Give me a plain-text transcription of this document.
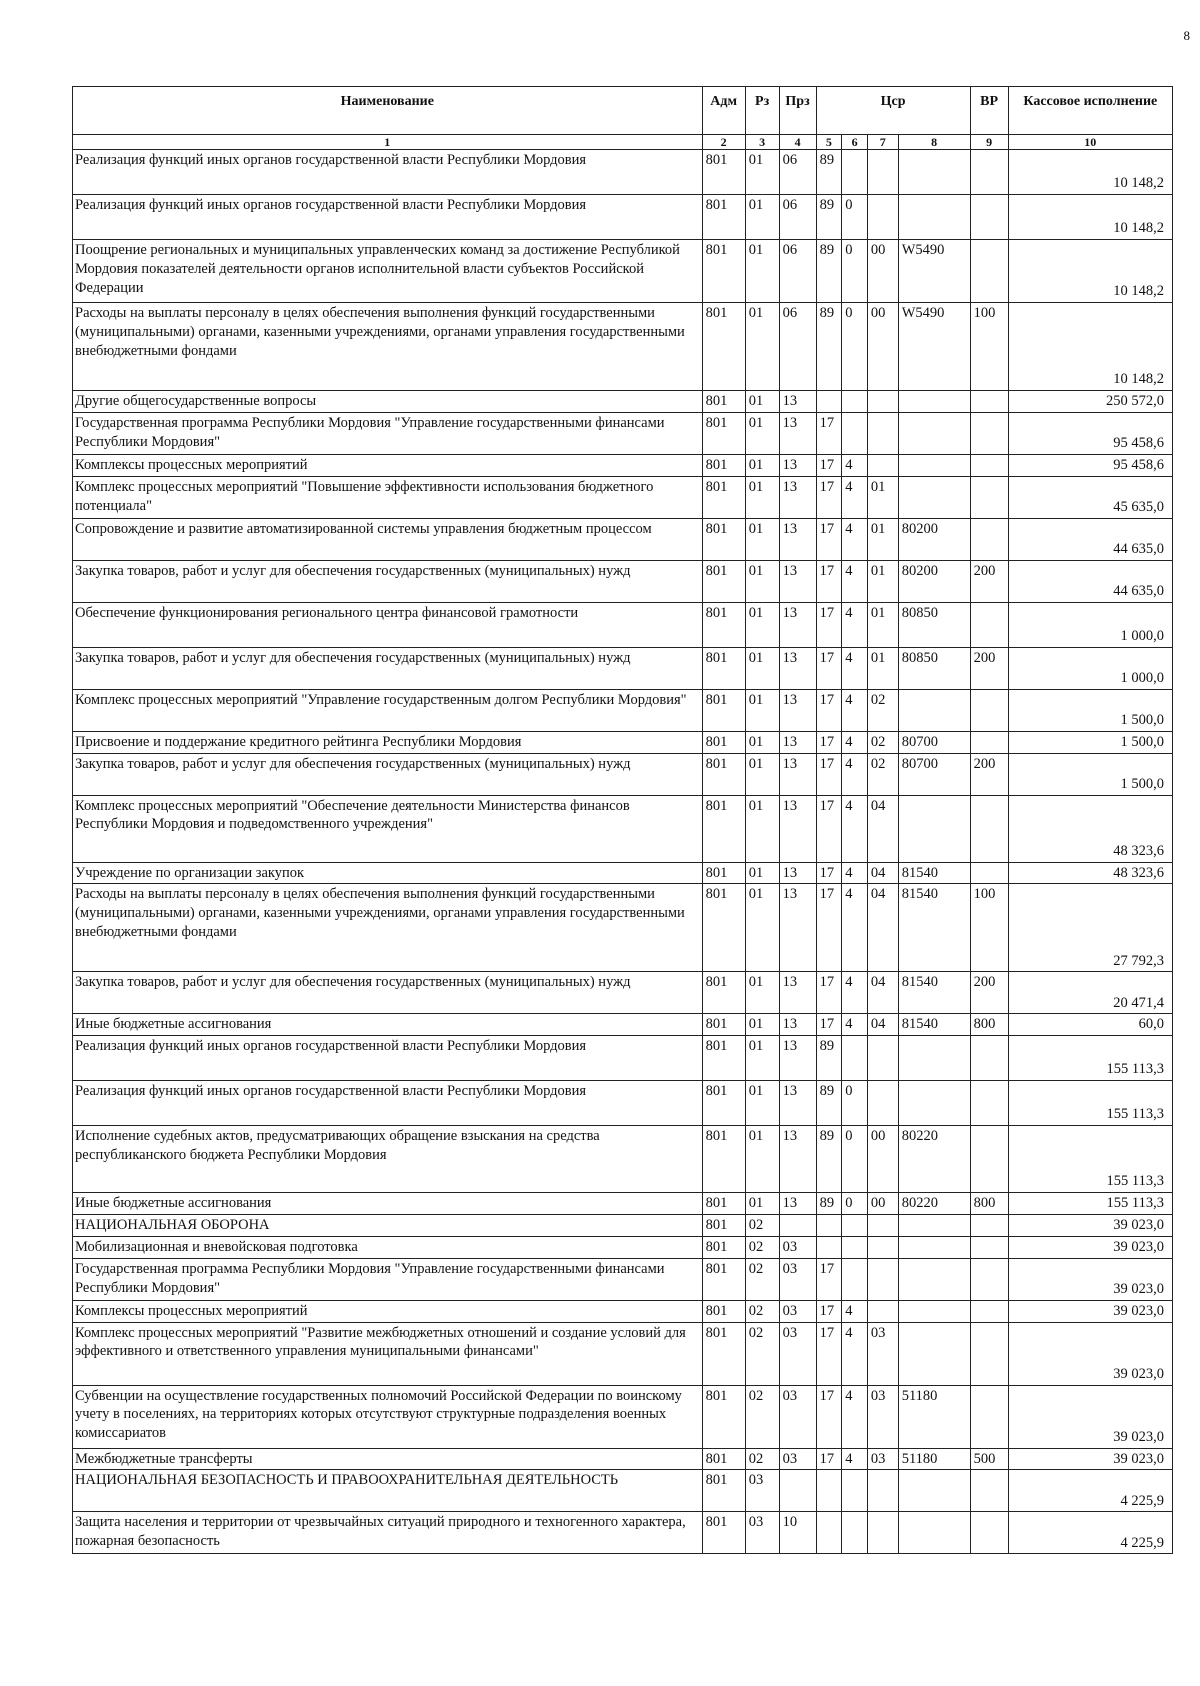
8
Наименование	Адм	Рз	Прз	Цср				ВР	Кассовое исполнение
1	2	3	4	5	6	7	8	9	10
Реализация функций иных органов государственной власти Республики Мордовия	801	01	06	89					10 148,2
Реализация функций иных органов государственной власти Республики Мордовия	801	01	06	89	0				10 148,2
Поощрение региональных и муниципальных управленческих команд за достижение Республикой Мордовия показателей деятельности органов исполнительной власти субъектов Российской Федерации	801	01	06	89	0	00	W5490		10 148,2
Расходы на выплаты персоналу в целях обеспечения выполнения функций государственными (муниципальными) органами, казенными учреждениями, органами управления государственными внебюджетными фондами	801	01	06	89	0	00	W5490	100	10 148,2
Другие общегосударственные вопросы	801	01	13						250 572,0
Государственная программа Республики Мордовия "Управление государственными финансами Республики Мордовия"	801	01	13	17					95 458,6
Комплексы процессных мероприятий	801	01	13	17	4				95 458,6
Комплекс процессных мероприятий "Повышение эффективности использования бюджетного потенциала"	801	01	13	17	4	01			45 635,0
Сопровождение и развитие автоматизированной системы управления бюджетным процессом	801	01	13	17	4	01	80200		44 635,0
Закупка товаров, работ и услуг для обеспечения государственных (муниципальных) нужд	801	01	13	17	4	01	80200	200	44 635,0
Обеспечение функционирования регионального центра финансовой грамотности	801	01	13	17	4	01	80850		1 000,0
Закупка товаров, работ и услуг для обеспечения государственных (муниципальных) нужд	801	01	13	17	4	01	80850	200	1 000,0
Комплекс процессных мероприятий "Управление государственным долгом Республики Мордовия"	801	01	13	17	4	02			1 500,0
Присвоение и поддержание кредитного рейтинга Республики Мордовия	801	01	13	17	4	02	80700		1 500,0
Закупка товаров, работ и услуг для обеспечения государственных (муниципальных) нужд	801	01	13	17	4	02	80700	200	1 500,0
Комплекс процессных мероприятий "Обеспечение деятельности Министерства финансов Республики Мордовия и подведомственного учреждения"	801	01	13	17	4	04			48 323,6
Учреждение по организации закупок	801	01	13	17	4	04	81540		48 323,6
Расходы на выплаты персоналу в целях обеспечения выполнения функций государственными (муниципальными) органами, казенными учреждениями, органами управления государственными внебюджетными фондами	801	01	13	17	4	04	81540	100	27 792,3
Закупка товаров, работ и услуг для обеспечения государственных (муниципальных) нужд	801	01	13	17	4	04	81540	200	20 471,4
Иные бюджетные ассигнования	801	01	13	17	4	04	81540	800	60,0
Реализация функций иных органов государственной власти Республики Мордовия	801	01	13	89					155 113,3
Реализация функций иных органов государственной власти Республики Мордовия	801	01	13	89	0				155 113,3
Исполнение судебных актов, предусматривающих обращение взыскания на средства республиканского бюджета Республики Мордовия	801	01	13	89	0	00	80220		155 113,3
Иные бюджетные ассигнования	801	01	13	89	0	00	80220	800	155 113,3
НАЦИОНАЛЬНАЯ ОБОРОНА	801	02							39 023,0
Мобилизационная и вневойсковая подготовка	801	02	03						39 023,0
Государственная программа Республики Мордовия "Управление государственными финансами Республики Мордовия"	801	02	03	17					39 023,0
Комплексы процессных мероприятий	801	02	03	17	4				39 023,0
Комплекс процессных мероприятий "Развитие межбюджетных отношений и создание условий для эффективного и ответственного управления муниципальными финансами"	801	02	03	17	4	03			39 023,0
Субвенции на осуществление государственных полномочий Российской Федерации по воинскому учету в поселениях, на территориях которых отсутствуют структурные подразделения военных комиссариатов	801	02	03	17	4	03	51180		39 023,0
Межбюджетные трансферты	801	02	03	17	4	03	51180	500	39 023,0
НАЦИОНАЛЬНАЯ БЕЗОПАСНОСТЬ И ПРАВООХРАНИТЕЛЬНАЯ ДЕЯТЕЛЬНОСТЬ	801	03							4 225,9
Защита населения и территории от чрезвычайных ситуаций природного и техногенного характера, пожарная безопасность	801	03	10						4 225,9
